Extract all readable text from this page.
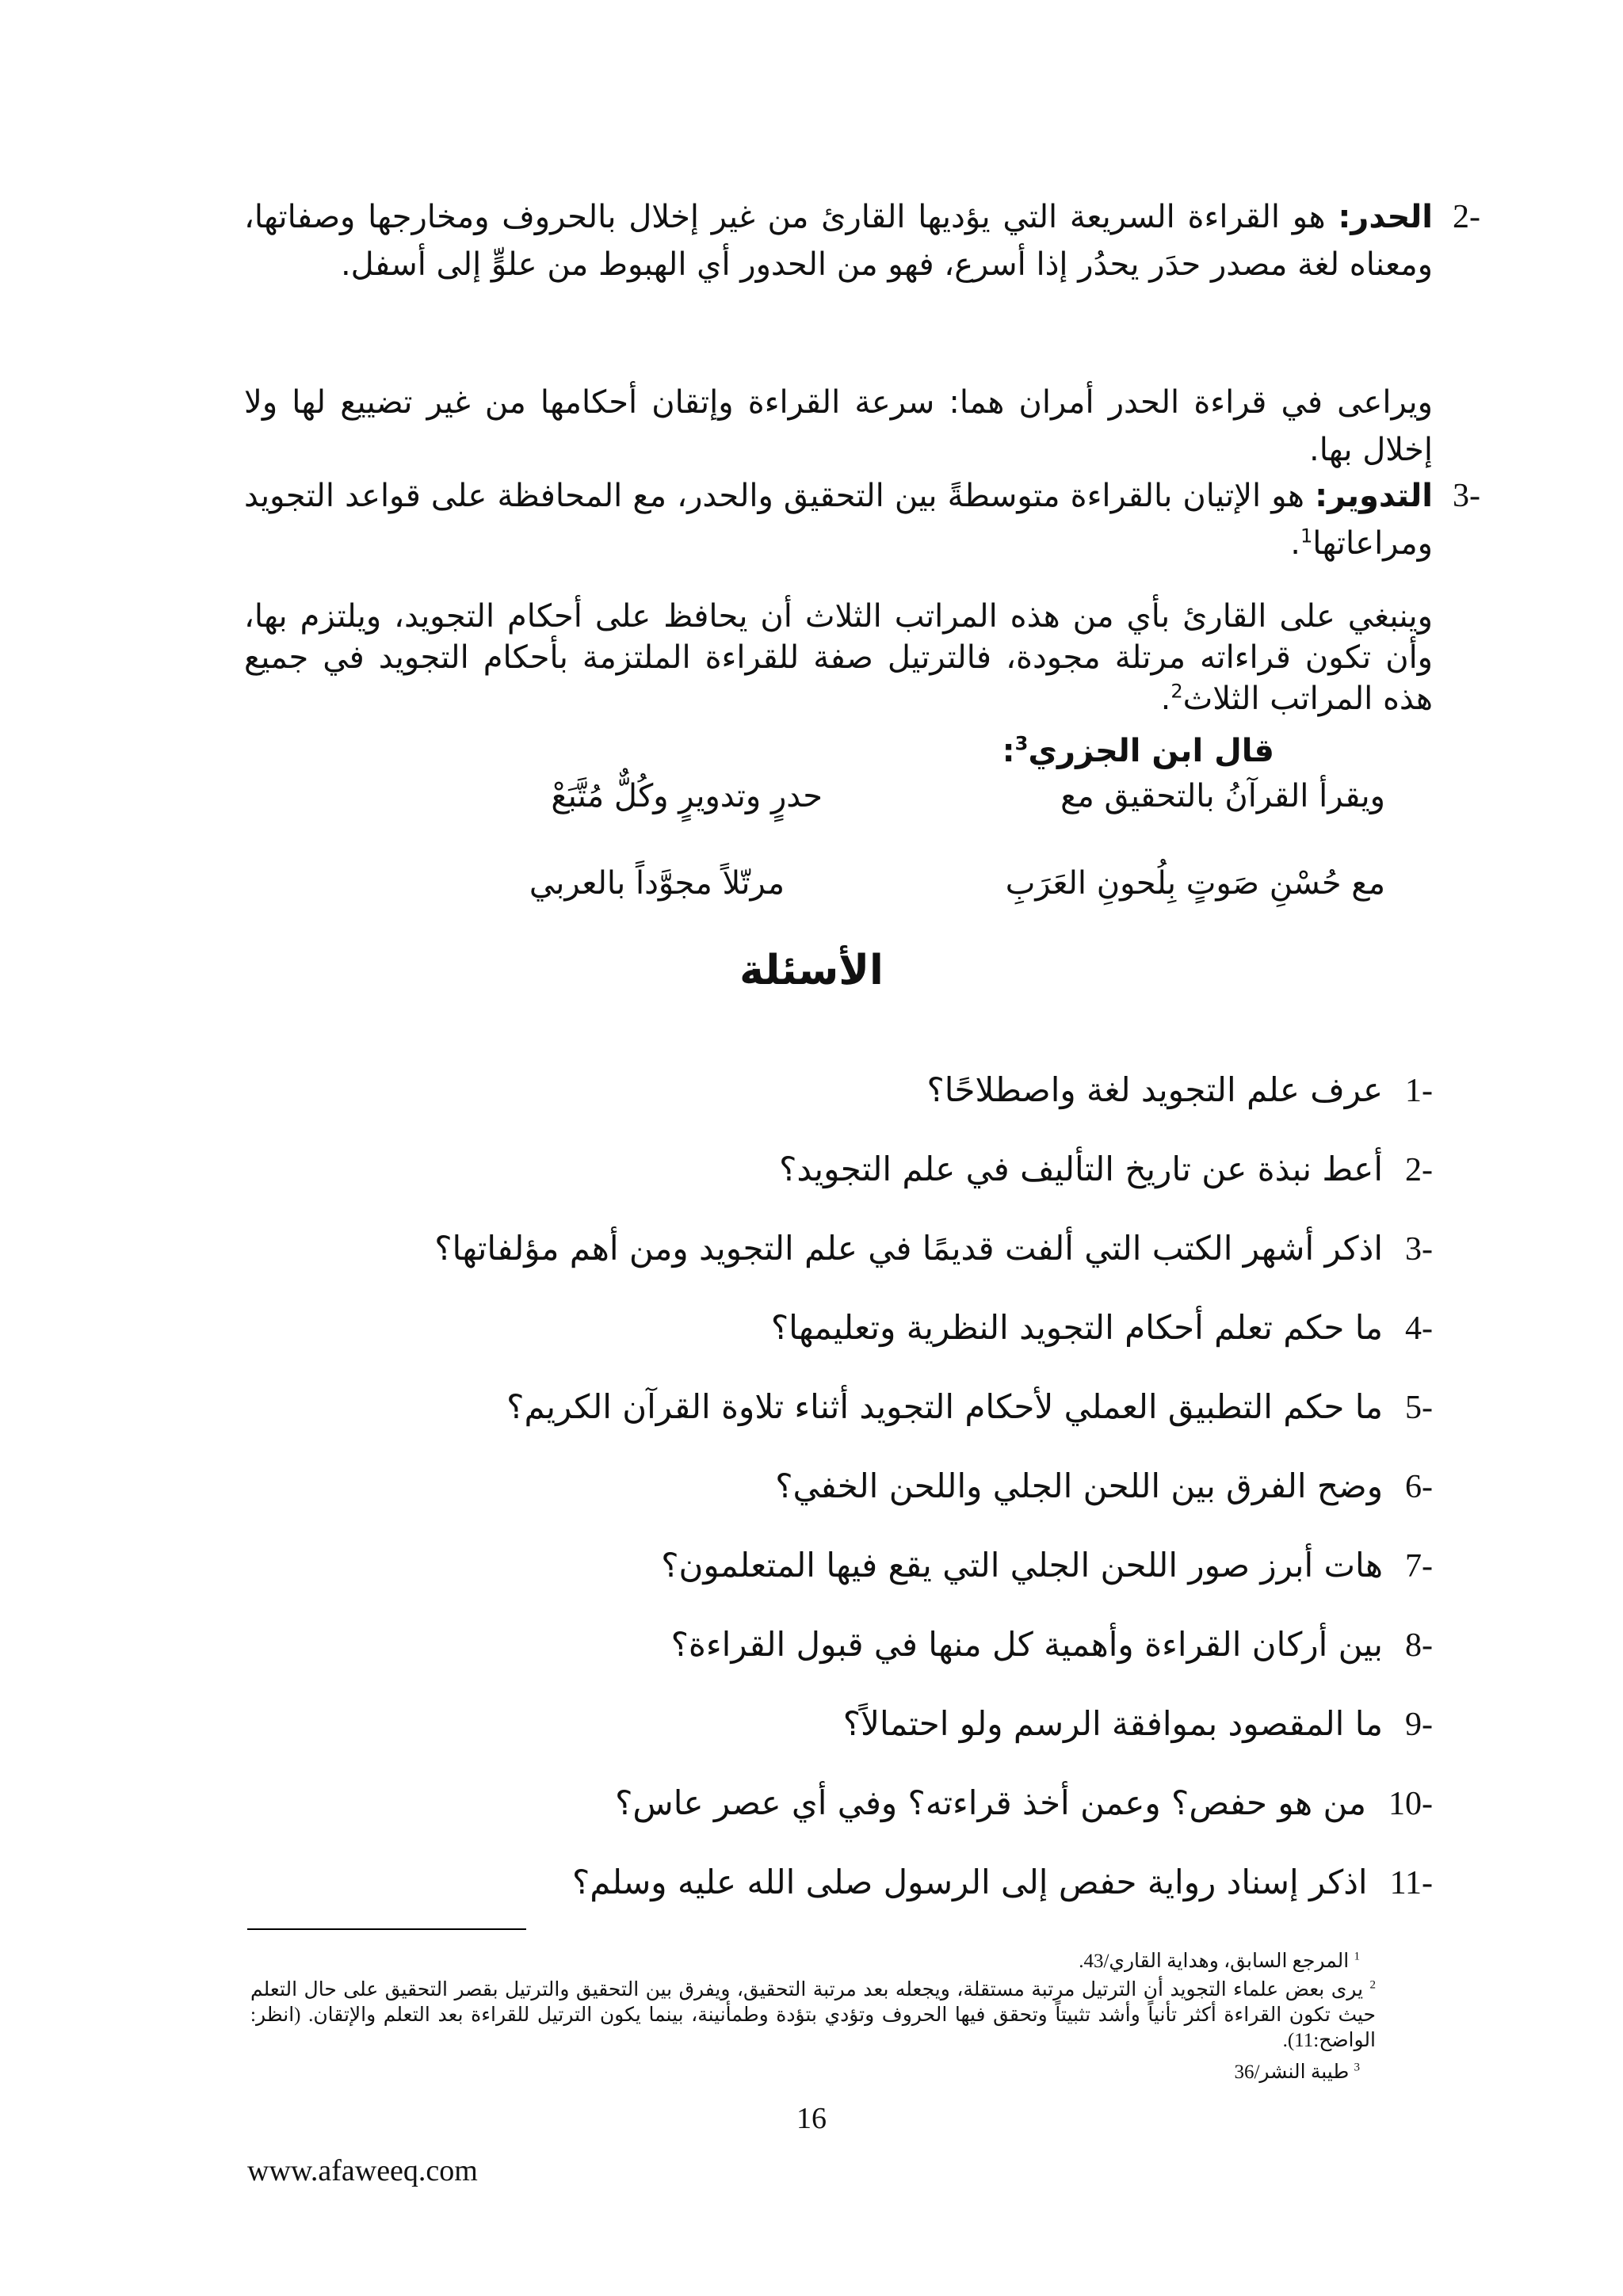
2-
الحدر: هو القراءة السريعة التي يؤديها القارئ من غير إخلال بالحروف ومخارجها وصفاتها، ومعناه لغة مصدر حدَر يحدُر إذا أسرع، فهو من الحدور أي الهبوط من علوٍّ إلى أسفل.
ويراعى في قراءة الحدر أمران هما: سرعة القراءة وإتقان أحكامها من غير تضييع لها ولا إخلال بها.
3-
التدوير: هو الإتيان بالقراءة متوسطةً بين التحقيق والحدر، مع المحافظة على قواعد التجويد ومراعاتها$^1$.
وينبغي على القارئ بأي من هذه المراتب الثلاث أن يحافظ على أحكام التجويد، ويلتزم بها، وأن تكون قراءاته مرتلة مجودة، فالترتيل صفة للقراءة الملتزمة بأحكام التجويد في جميع هذه المراتب الثلاث$^2$.
قال ابن الجزري$^3$:
ويقرأ القرآنُ بالتحقيق مع
حدرٍ وتدويرٍ وكُلٌّ مُتَّبَعْ
مع حُسْنِ صَوتٍ بِلُحونِ العَرَبِ
مرتّلاً مجوَّداً بالعربي
الأسئلة
1-عرف علم التجويد لغة واصطلاحًا؟
2-أعط نبذة عن تاريخ التأليف في علم التجويد؟
3-اذكر أشهر الكتب التي ألفت قديمًا في علم التجويد ومن أهم مؤلفاتها؟
4-ما حكم تعلم أحكام التجويد النظرية وتعليمها؟
5-ما حكم التطبيق العملي لأحكام التجويد أثناء تلاوة القرآن الكريم؟
6-وضح الفرق بين اللحن الجلي واللحن الخفي؟
7-هات أبرز صور اللحن الجلي التي يقع فيها المتعلمون؟
8-بين أركان القراءة وأهمية كل منها في قبول القراءة؟
9-ما المقصود بموافقة الرسم ولو احتمالاً؟
10-من هو حفص؟ وعمن أخذ قراءته؟ وفي أي عصر عاس؟
11-اذكر إسناد رواية حفص إلى الرسول صلى الله عليه وسلم؟
$^1$ المرجع السابق، وهداية القاري/43.
$^2$ يرى بعض علماء التجويد أن الترتيل مرتبة مستقلة، ويجعله بعد مرتبة التحقيق، ويفرق بين التحقيق والترتيل بقصر التحقيق على حال التعلم حيث تكون القراءة أكثر تأنياً وأشد تثبيتاً وتحقق فيها الحروف وتؤدي بتؤدة وطمأنينة، بينما يكون الترتيل للقراءة بعد التعلم والإتقان. (انظر: الواضح:11).
$^3$ طيبة النشر/36
16
www.afaweeq.com
